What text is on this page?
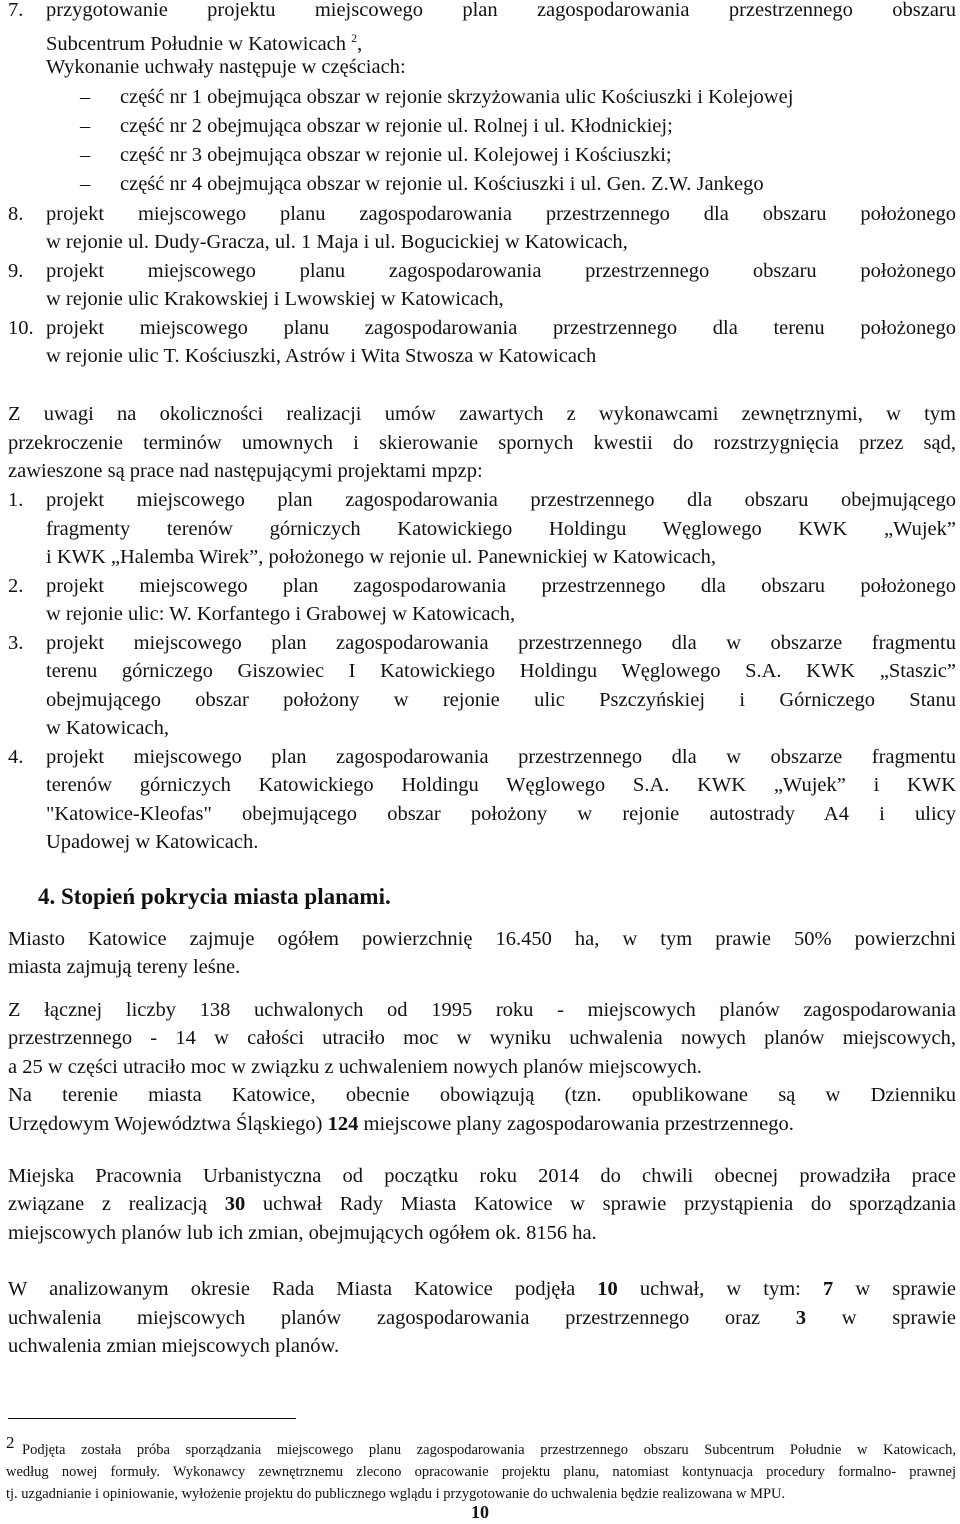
7. przygotowanie projektu miejscowego plan zagospodarowania przestrzennego obszaru
Subcentrum Południe w Katowicach $^2$,
Wykonanie uchwały następuje w częściach:
– część nr 1 obejmująca obszar w rejonie skrzyżowania ulic Kościuszki i Kolejowej
– część nr 2 obejmująca obszar w rejonie ul. Rolnej i ul. Kłodnickiej;
– część nr 3 obejmująca obszar w rejonie ul. Kolejowej i Kościuszki;
– część nr 4 obejmująca obszar w rejonie ul. Kościuszki i ul. Gen. Z.W. Jankego
8. projekt miejscowego planu zagospodarowania przestrzennego dla obszaru położonego
w rejonie ul. Dudy-Gracza, ul. 1 Maja i ul. Bogucickiej w Katowicach,
9. projekt miejscowego planu zagospodarowania przestrzennego obszaru położonego
w rejonie ulic Krakowskiej i Lwowskiej w Katowicach,
10. projekt miejscowego planu zagospodarowania przestrzennego dla terenu położonego
w rejonie ulic T. Kościuszki, Astrów i Wita Stwosza w Katowicach
Z uwagi na okoliczności realizacji umów zawartych z wykonawcami zewnętrznymi, w tym
przekroczenie terminów umownych i skierowanie spornych kwestii do rozstrzygnięcia przez sąd,
zawieszone są prace nad następującymi projektami mpzp:
1. projekt miejscowego plan zagospodarowania przestrzennego dla obszaru obejmującego
fragmenty terenów górniczych Katowickiego Holdingu Węglowego KWK „Wujek”
i KWK „Halemba Wirek”, położonego w rejonie ul. Panewnickiej w Katowicach,
2. projekt miejscowego plan zagospodarowania przestrzennego dla obszaru położonego
w rejonie ulic: W. Korfantego i Grabowej w Katowicach,
3. projekt miejscowego plan zagospodarowania przestrzennego dla w obszarze fragmentu
terenu górniczego Giszowiec I Katowickiego Holdingu Węglowego S.A. KWK „Staszic”
obejmującego obszar położony w rejonie ulic Pszczyńskiej i Górniczego Stanu
w Katowicach,
4. projekt miejscowego plan zagospodarowania przestrzennego dla w obszarze fragmentu
terenów górniczych Katowickiego Holdingu Węglowego S.A. KWK „Wujek” i KWK
"Katowice-Kleofas" obejmującego obszar położony w rejonie autostrady A4 i ulicy
Upadowej w Katowicach.
4. Stopień pokrycia miasta planami.
Miasto Katowice zajmuje ogółem powierzchnię 16.450 ha, w tym prawie 50% powierzchni
miasta zajmują tereny leśne.
Z łącznej liczby 138 uchwalonych od 1995 roku - miejscowych planów zagospodarowania
przestrzennego - 14 w całości utraciło moc w wyniku uchwalenia nowych planów miejscowych,
a 25 w części utraciło moc w związku z uchwaleniem nowych planów miejscowych.
Na terenie miasta Katowice, obecnie obowiązują (tzn. opublikowane są w Dzienniku
Urzędowym Województwa Śląskiego) 124 miejscowe plany zagospodarowania przestrzennego.
Miejska Pracownia Urbanistyczna od początku roku 2014 do chwili obecnej prowadziła prace
związane z realizacją 30 uchwał Rady Miasta Katowice w sprawie przystąpienia do sporządzania
miejscowych planów lub ich zmian, obejmujących ogółem ok. 8156 ha.
W analizowanym okresie Rada Miasta Katowice podjęła 10 uchwał, w tym: 7 w sprawie
uchwalenia miejscowych planów zagospodarowania przestrzennego oraz 3 w sprawie
uchwalenia zmian miejscowych planów.
2 Podjęta została próba sporządzania miejscowego planu zagospodarowania przestrzennego obszaru Subcentrum Południe w Katowicach,
według nowej formuły. Wykonawcy zewnętrznemu zlecono opracowanie projektu planu, natomiast kontynuacja procedury formalno- prawnej
tj. uzgadnianie i opiniowanie, wyłożenie projektu do publicznego wglądu i przygotowanie do uchwalenia będzie realizowana w MPU.
10
